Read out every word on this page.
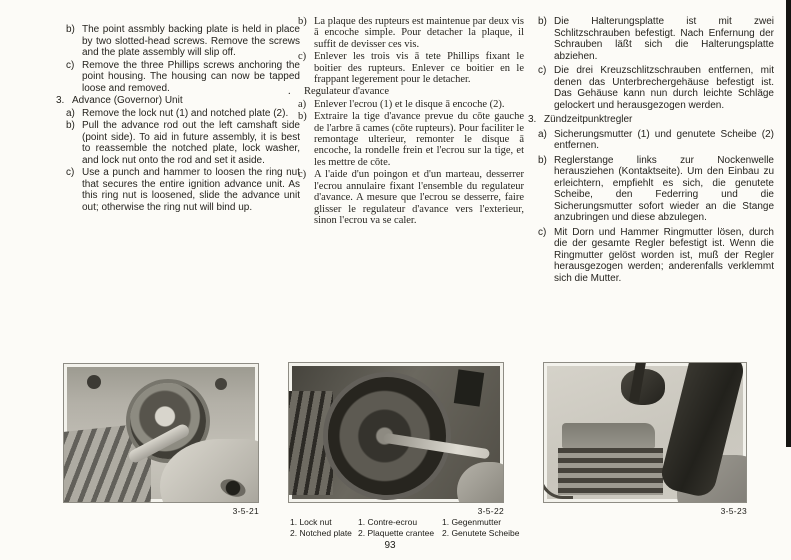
b) The point assmbly backing plate is held in place by two slotted-head screws. Remove the screws and the plate assembly will slip off.
c) Remove the three Phillips screws anchoring the point housing. The housing can now be tapped loose and removed.
3. Advance (Governor) Unit
a) Remove the lock nut (1) and notched plate (2).
b) Pull the advance rod out the left camshaft side (point side). To aid in future assembly, it is best to reassemble the notched plate, lock washer, and lock nut onto the rod and set it aside.
c) Use a punch and hammer to loosen the ring nut that secures the entire ignition advance unit. As this ring nut is loosened, slide the advance unit out; otherwise the ring nut will bind up.
b) La plaque des rupteurs est maintenue par deux vis ā encoche simple. Pour detacher la plaque, il suffit de devisser ces vis.
c) Enlever les trois vis ā tete Phillips fixant le boitier des rupteurs. Enlever ce boitier en le frappant legerement pour le detacher.
.	Regulateur d'avance
a) Enlever l'ecrou (1) et le disque ā encoche (2).
b) Extraire la tige d'avance prevue du cōte gauche de l'arbre ā cames (cōte rupteurs). Pour faciliter le remontage ulterieur, remonter le disque ā encoche, la rondelle frein et l'ecrou sur la tige, et les mettre de cōte.
c) A l'aide d'un poingon et d'un marteau, desserrer l'ecrou annulaire fixant l'ensemble du regulateur d'avance. A mesure que l'ecrou se desserre, faire glisser le regulateur d'avance vers l'exterieur, sinon l'ecrou va se caler.
b) Die Halterungsplatte ist mit zwei Schlitzschrauben befestigt. Nach Enfernung der Schrauben läßt sich die Halterungsplatte abziehen.
c) Die drei Kreuzschlitzschrauben entfernen, mit denen das Unterbrechergehäuse befestigt ist. Das Gehäuse kann nun durch leichte Schläge gelockert und herausgezogen werden.
3. Zündzeitpunktregler
a) Sicherungsmutter (1) und genutete Scheibe (2) entfernen.
b) Reglerstange links zur Nockenwelle herausziehen (Kontaktseite). Um den Einbau zu erleichtern, empfiehlt es sich, die genutete Scheibe, den Federring und die Sicherungsmutter sofort wieder an die Stange anzubringen und diese abzulegen.
c) Mit Dorn und Hammer Ringmutter lösen, durch die der gesamte Regler befestigt ist. Wenn die Ringmutter gelöst worden ist, muß der Regler herausgezogen werden; anderenfalls verklemmt sich die Mutter.
3-5-21	3-5-22	3-5-23
1. Lock nut	1. Contre-ecrou	1. Gegenmutter
2. Notched plate 2. Plaquette crantee 2. Genutete Scheibe
93
